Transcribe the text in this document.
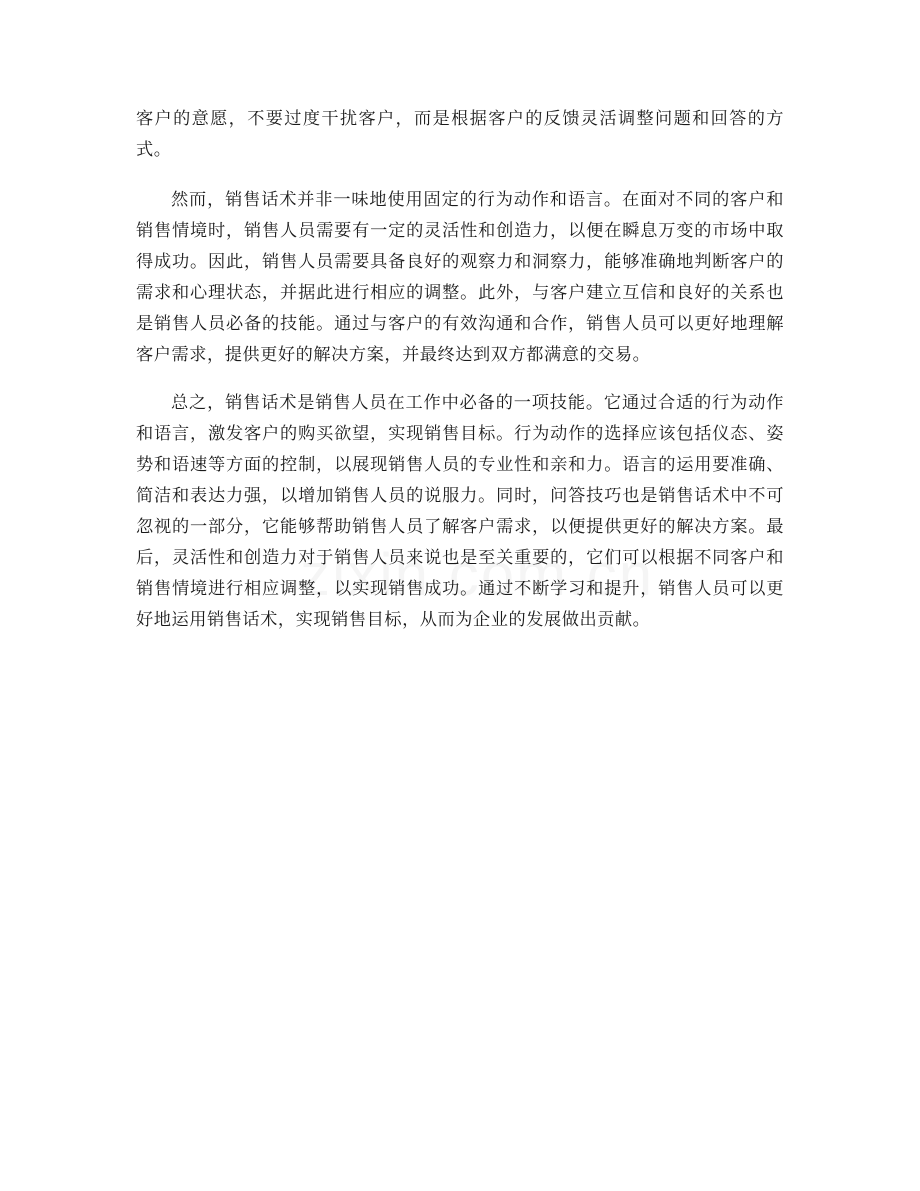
客户的意愿，不要过度干扰客户，而是根据客户的反馈灵活调整问题和回答的方式。

然而，销售话术并非一味地使用固定的行为动作和语言。在面对不同的客户和销售情境时，销售人员需要有一定的灵活性和创造力，以便在瞬息万变的市场中取得成功。因此，销售人员需要具备良好的观察力和洞察力，能够准确地判断客户的需求和心理状态，并据此进行相应的调整。此外，与客户建立互信和良好的关系也是销售人员必备的技能。通过与客户的有效沟通和合作，销售人员可以更好地理解客户需求，提供更好的解决方案，并最终达到双方都满意的交易。

总之，销售话术是销售人员在工作中必备的一项技能。它通过合适的行为动作和语言，激发客户的购买欲望，实现销售目标。行为动作的选择应该包括仪态、姿势和语速等方面的控制，以展现销售人员的专业性和亲和力。语言的运用要准确、简洁和表达力强，以增加销售人员的说服力。同时，问答技巧也是销售话术中不可忽视的一部分，它能够帮助销售人员了解客户需求，以便提供更好的解决方案。最后，灵活性和创造力对于销售人员来说也是至关重要的，它们可以根据不同客户和销售情境进行相应调整，以实现销售成功。通过不断学习和提升，销售人员可以更好地运用销售话术，实现销售目标，从而为企业的发展做出贡献。
